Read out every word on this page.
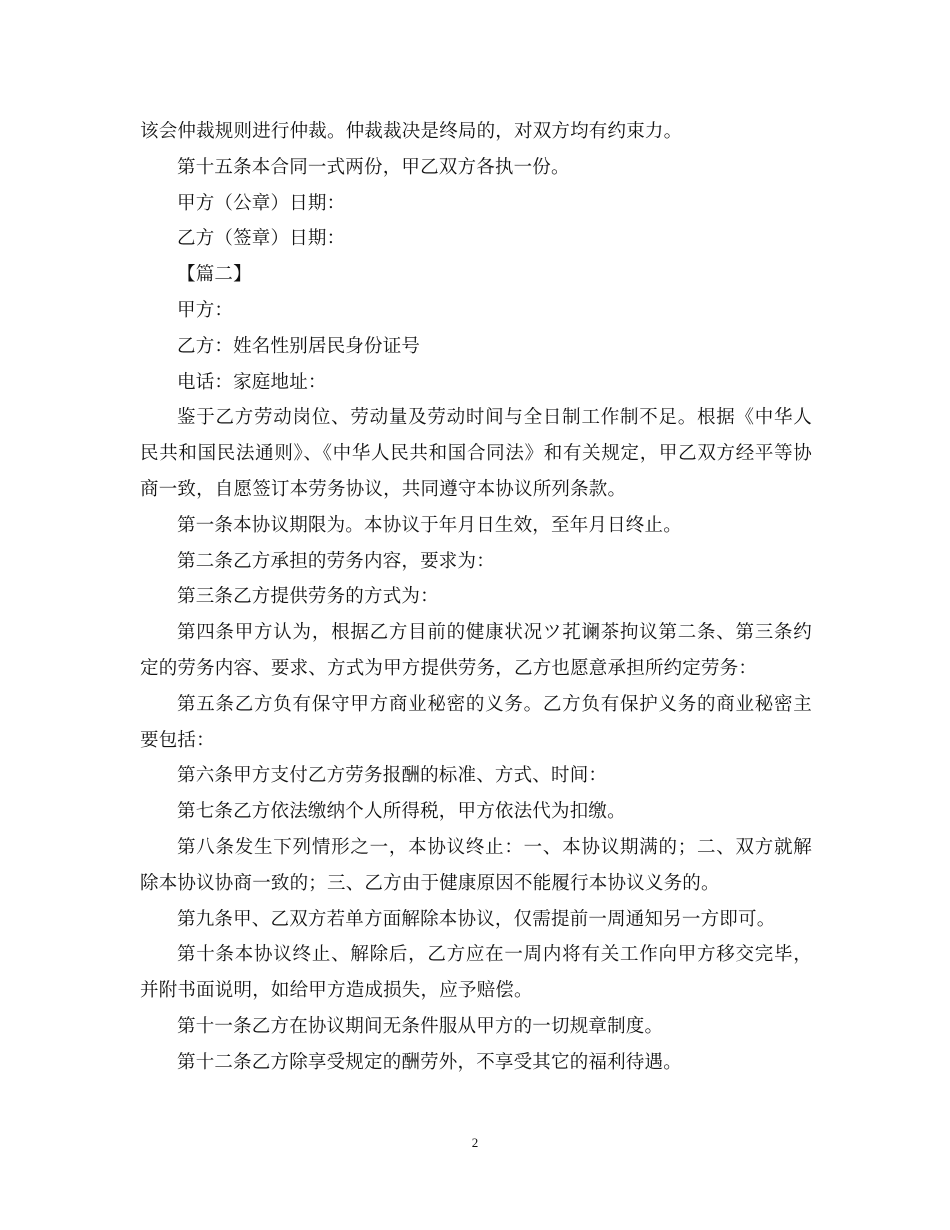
该会仲裁规则进行仲裁。仲裁裁决是终局的，对双方均有约束力。

第十五条本合同一式两份，甲乙双方各执一份。

甲方（公章）日期：

乙方（签章）日期：

【篇二】

甲方：

乙方：姓名性别居民身份证号

电话：家庭地址：

鉴于乙方劳动岗位、劳动量及劳动时间与全日制工作制不足。根据《中华人民共和国民法通则》、《中华人民共和国合同法》和有关规定，甲乙双方经平等协商一致，自愿签订本劳务协议，共同遵守本协议所列条款。

第一条本协议期限为。本协议于年月日生效，至年月日终止。

第二条乙方承担的劳务内容，要求为：

第三条乙方提供劳务的方式为：

第四条甲方认为，根据乙方目前的健康状况ツ芤谰茶拘议第二条、第三条约定的劳务内容、要求、方式为甲方提供劳务，乙方也愿意承担所约定劳务：

第五条乙方负有保守甲方商业秘密的义务。乙方负有保护义务的商业秘密主要包括：

第六条甲方支付乙方劳务报酬的标准、方式、时间：

第七条乙方依法缴纳个人所得税，甲方依法代为扣缴。

第八条发生下列情形之一，本协议终止：一、本协议期满的；二、双方就解除本协议协商一致的；三、乙方由于健康原因不能履行本协议义务的。

第九条甲、乙双方若单方面解除本协议，仅需提前一周通知另一方即可。

第十条本协议终止、解除后，乙方应在一周内将有关工作向甲方移交完毕，并附书面说明，如给甲方造成损失，应予赔偿。

第十一条乙方在协议期间无条件服从甲方的一切规章制度。

第十二条乙方除享受规定的酬劳外，不享受其它的福利待遇。

2
